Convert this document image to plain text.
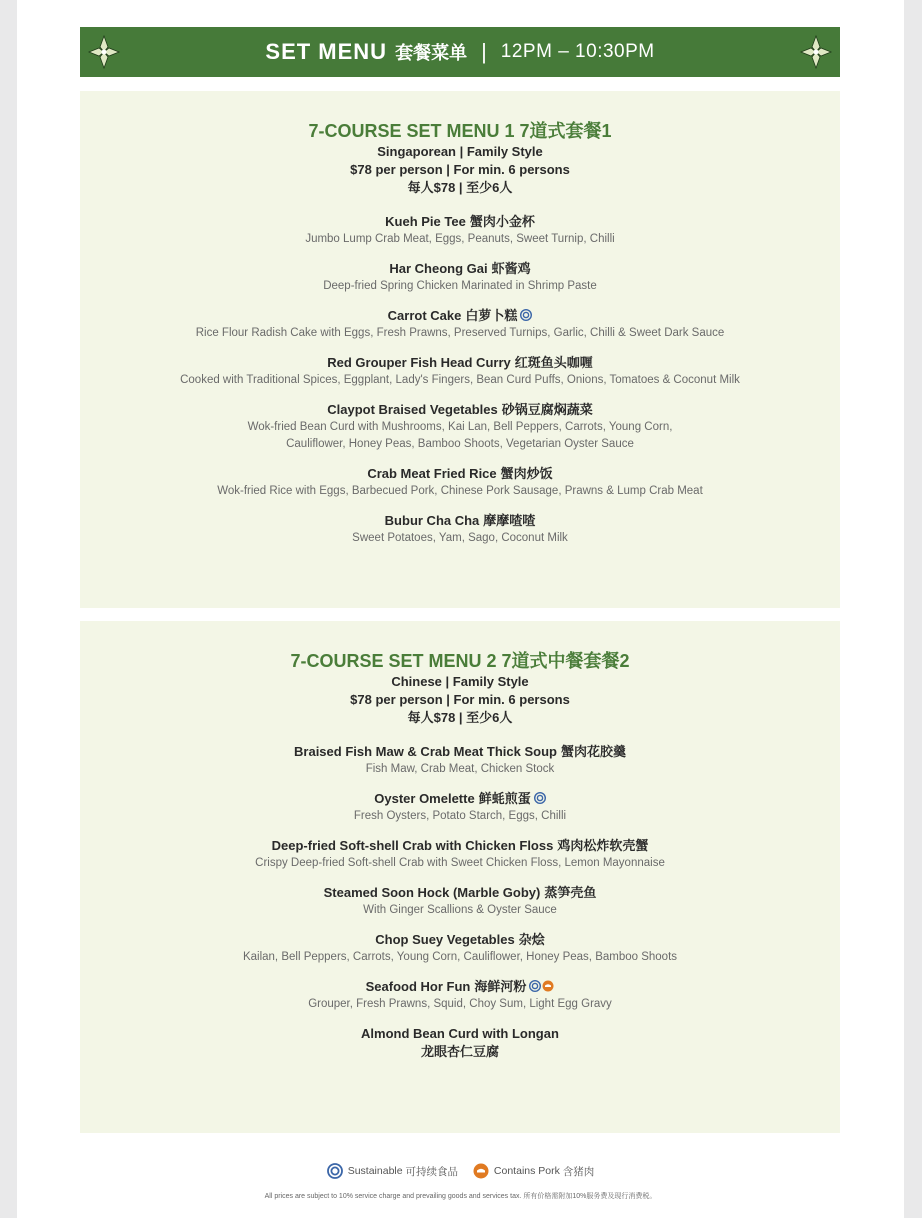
SET MENU 套餐菜单 | 12PM – 10:30PM
7-COURSE SET MENU 1 7道式套餐1
Singaporean | Family Style
$78 per person | For min. 6 persons
每人$78 | 至少6人
Kueh Pie Tee 蟹肉小金杯
Jumbo Lump Crab Meat, Eggs, Peanuts, Sweet Turnip, Chilli
Har Cheong Gai 虾酱鸡
Deep-fried Spring Chicken Marinated in Shrimp Paste
Carrot Cake 白萝卜糕
Rice Flour Radish Cake with Eggs, Fresh Prawns, Preserved Turnips, Garlic, Chilli & Sweet Dark Sauce
Red Grouper Fish Head Curry 红斑鱼头咖喱
Cooked with Traditional Spices, Eggplant, Lady's Fingers, Bean Curd Puffs, Onions, Tomatoes & Coconut Milk
Claypot Braised Vegetables 砂锅豆腐焖蔬菜
Wok-fried Bean Curd with Mushrooms, Kai Lan, Bell Peppers, Carrots, Young Corn,
Cauliflower, Honey Peas, Bamboo Shoots, Vegetarian Oyster Sauce
Crab Meat Fried Rice 蟹肉炒饭
Wok-fried Rice with Eggs, Barbecued Pork, Chinese Pork Sausage, Prawns & Lump Crab Meat
Bubur Cha Cha 摩摩喳喳
Sweet Potatoes, Yam, Sago, Coconut Milk
7-COURSE SET MENU 2 7道式中餐套餐2
Chinese | Family Style
$78 per person | For min. 6 persons
每人$78 | 至少6人
Braised Fish Maw & Crab Meat Thick Soup 蟹肉花胶羹
Fish Maw, Crab Meat, Chicken Stock
Oyster Omelette 鲜蚝煎蛋
Fresh Oysters, Potato Starch, Eggs, Chilli
Deep-fried Soft-shell Crab with Chicken Floss 鸡肉松炸软壳蟹
Crispy Deep-fried Soft-shell Crab with Sweet Chicken Floss, Lemon Mayonnaise
Steamed Soon Hock (Marble Goby) 蒸笋壳鱼
With Ginger Scallions & Oyster Sauce
Chop Suey Vegetables 杂烩
Kailan, Bell Peppers, Carrots, Young Corn, Cauliflower, Honey Peas, Bamboo Shoots
Seafood Hor Fun 海鲜河粉
Grouper, Fresh Prawns, Squid, Choy Sum, Light Egg Gravy
Almond Bean Curd with Longan
龙眼杏仁豆腐
Sustainable
可持续食品
	Contains Pork
含猪肉
All prices are subject to 10% service charge and prevailing goods and services tax. 所有价格需附加10%服务费及现行消费税。
